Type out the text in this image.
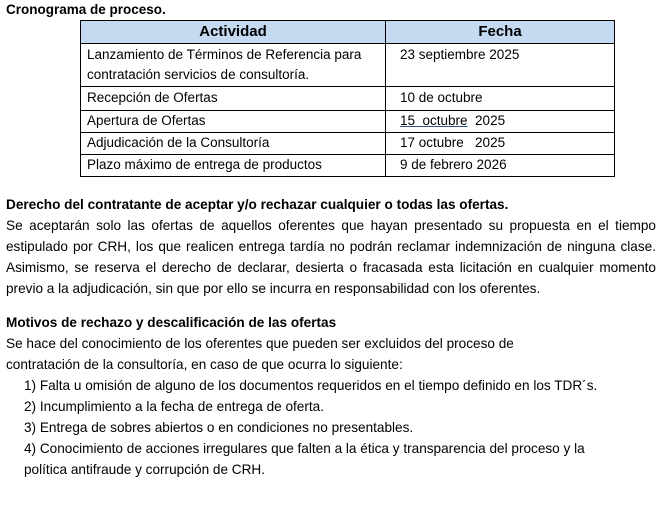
Cronograma de proceso.
Actividad	Fecha
Lanzamiento de Términos de Referencia para contratación servicios de consultoría.	23 septiembre 2025
Recepción de Ofertas	10 de octubre
Apertura de Ofertas	15  octubre  2025
Adjudicación de la Consultoría	17 octubre   2025
Plazo máximo de entrega de productos	9 de febrero 2026
Derecho del contratante de aceptar y/o rechazar cualquier o todas las ofertas.

Se aceptarán solo las ofertas de aquellos oferentes que hayan presentado su propuesta en el tiempo estipulado por CRH, los que realicen entrega tardía no podrán reclamar indemnización de ninguna clase. Asimismo, se reserva el derecho de declarar, desierta o fracasada esta licitación en cualquier momento previo a la adjudicación, sin que por ello se incurra en responsabilidad con los oferentes.

Motivos de rechazo y descalificación de las ofertas

Se hace del conocimiento de los oferentes que pueden ser excluidos del proceso de contratación de la consultoría, en caso de que ocurra lo siguiente:

1) Falta u omisión de alguno de los documentos requeridos en el tiempo definido en los TDR´s.
2) Incumplimiento a la fecha de entrega de oferta.
3) Entrega de sobres abiertos o en condiciones no presentables.
4) Conocimiento de acciones irregulares que falten a la ética y transparencia del proceso y la política antifraude y corrupción de CRH.
